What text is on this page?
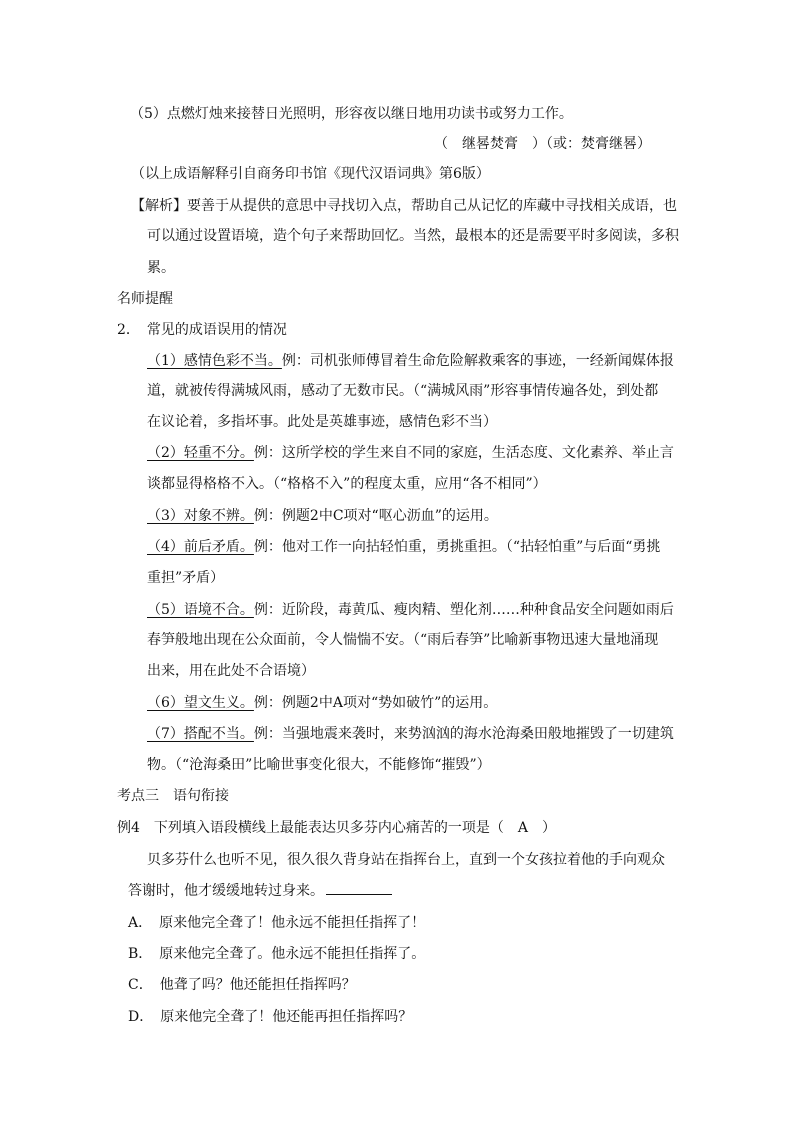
（5）点燃灯烛来接替日光照明，形容夜以继日地用功读书或努力工作。
（　继晷焚膏　）（或：焚膏继晷）
（以上成语解释引自商务印书馆《现代汉语词典》第6版）
【解析】要善于从提供的意思中寻找切入点，帮助自己从记忆的库藏中寻找相关成语，也
可以通过设置语境，造个句子来帮助回忆。当然，最根本的还是需要平时多阅读，多积
累。
名师提醒
2．　常见的成语误用的情况
（1）感情色彩不当。例：司机张师傅冒着生命危险解救乘客的事迹，一经新闻媒体报
道，就被传得满城风雨，感动了无数市民。（“满城风雨”形容事情传遍各处，到处都
在议论着，多指坏事。此处是英雄事迹，感情色彩不当）
（2）轻重不分。例：这所学校的学生来自不同的家庭，生活态度、文化素养、举止言
谈都显得格格不入。（“格格不入”的程度太重，应用“各不相同”）
（3）对象不辨。例：例题2中C项对“呕心沥血”的运用。
（4）前后矛盾。例：他对工作一向拈轻怕重，勇挑重担。（“拈轻怕重”与后面“勇挑
重担”矛盾）
（5）语境不合。例：近阶段，毒黄瓜、瘦肉精、塑化剂……种种食品安全问题如雨后
春笋般地出现在公众面前，令人惴惴不安。（“雨后春笋”比喻新事物迅速大量地涌现
出来，用在此处不合语境）
（6）望文生义。例：例题2中A项对“势如破竹”的运用。
（7）搭配不当。例：当强地震来袭时，来势汹汹的海水沧海桑田般地摧毁了一切建筑
物。（“沧海桑田”比喻世事变化很大，不能修饰“摧毁”）
考点三　语句衔接
例4　下列填入语段横线上最能表达贝多芬内心痛苦的一项是（　A　）
贝多芬什么也听不见，很久很久背身站在指挥台上，直到一个女孩拉着他的手向观众
答谢时，他才缓缓地转过身来。
A．　原来他完全聋了！他永远不能担任指挥了！
B．　原来他完全聋了。他永远不能担任指挥了。
C．　他聋了吗？他还能担任指挥吗？
D．　原来他完全聋了！他还能再担任指挥吗？
